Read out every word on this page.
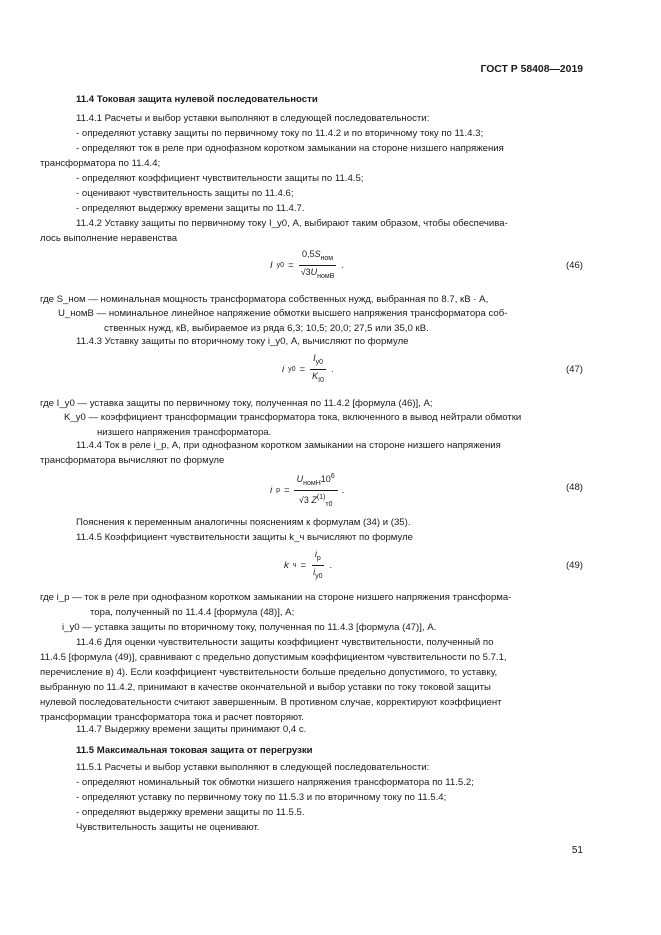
ГОСТ Р 58408—2019
11.4 Токовая защита нулевой последовательности
11.4.1 Расчеты и выбор уставки выполняют в следующей последовательности:
- определяют уставку защиты по первичному току по 11.4.2 и по вторичному току по 11.4.3;
- определяют ток в реле при однофазном коротком замыкании на стороне низшего напряжения
трансформатора по 11.4.4;
- определяют коэффициент чувствительности защиты по 11.4.5;
- оценивают чувствительность защиты по 11.4.6;
- определяют выдержку времени защиты по 11.4.7.
11.4.2 Уставку защиты по первичному току I_y0, А, выбирают таким образом, чтобы обеспечива-
лось выполнение неравенства
I $y0 = \frac{0,5S_{ном}}{√3U_{номВ}}$ .	(46)
где S_ном — номинальная мощность трансформатора собственных нужд, выбранная по 8.7, кВ · А,
U_номВ — номинальное линейное напряжение обмотки высшего напряжения трансформатора соб-
ственных нужд, кВ, выбираемое из ряда 6,3; 10,5; 20,0; 27,5 или 35,0 кВ.
11.4.3 Уставку защиты по вторичному току i_y0, А, вычисляют по формуле
i $y0 = \frac{I_{y0}}{K_{I0}}$ .	(47)
где I_y0 — уставка защиты по первичному току, полученная по 11.4.2 [формула (46)], А;
K_y0 — коэффициент трансформации трансформатора тока, включенного в вывод нейтрали обмотки
низшего напряжения трансформатора.
11.4.4 Ток в реле i_р, А, при однофазном коротком замыкании на стороне низшего напряжения
трансформатора вычисляют по формуле
i $р = \frac{U_{номН}10^6}{√3 Z^{(1)}_{т0}}$ .	(48)
Пояснения к переменным аналогичны пояснениям к формулам (34) и (35).
11.4.5 Коэффициент чувствительности защиты k_ч вычисляют по формуле
k $ч = \frac{i_р}{i_{y0}}$ .	(49)
где i_р — ток в реле при однофазном коротком замыкании на стороне низшего напряжения трансформа-
тора, полученный по 11.4.4 [формула (48)], А;
i_y0 — уставка защиты по вторичному току, полученная по 11.4.3 [формула (47)], А.
11.4.6 Для оценки чувствительности защиты коэффициент чувствительности, полученный по
11.4.5 [формула (49)], сравнивают с предельно допустимым коэффициентом чувствительности по 5.7.1,
перечисление в) 4). Если коэффициент чувствительности больше предельно допустимого, то уставку,
выбранную по 11.4.2, принимают в качестве окончательной и выбор уставки по току токовой защиты
нулевой последовательности считают завершенным. В противном случае, корректируют коэффициент
трансформации трансформатора тока и расчет повторяют.
11.4.7 Выдержку времени защиты принимают 0,4 с.
11.5 Максимальная токовая защита от перегрузки
11.5.1 Расчеты и выбор уставки выполняют в следующей последовательности:
- определяют номинальный ток обмотки низшего напряжения трансформатора по 11.5.2;
- определяют уставку по первичному току по 11.5.3 и по вторичному току по 11.5.4;
- определяют выдержку времени защиты по 11.5.5.
Чувствительность защиты не оценивают.
51
